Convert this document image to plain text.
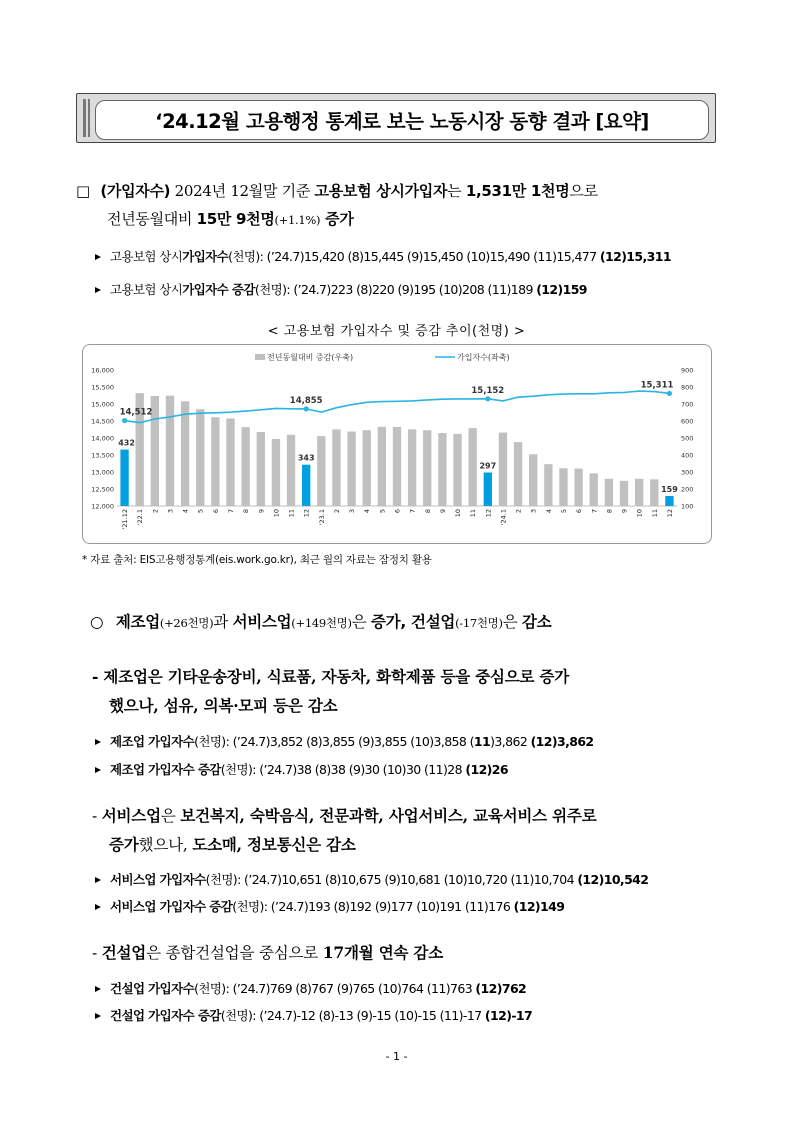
‘24.12월 고용행정 통계로 보는 노동시장 동향 결과 [요약]
□ (가입자수) 2024년 12월말 기준 고용보험 상시가입자는 1,531만 1천명으로
전년동월대비 15만 9천명(+1.1%) 증가
고용보험 상시가입자수(천명): (’24.7)15,420 (8)15,445 (9)15,450 (10)15,490 (11)15,477 (12)15,311
고용보험 상시가입자수 증감(천명): (’24.7)223 (8)220 (9)195 (10)208 (11)189 (12)159
< 고용보험 가입자수 및 증감 추이(천명) >
12,000
12,500
13,000
13,500
14,000
14,500
15,000
15,500
16,000
100
200
300
400
500
600
700
800
900
전년동월대비 증감(우축)	가입자수(좌축)
432
'21.12 '22.1 2 3 4 5 6 7 8 9 10 11
343
12 '23.1 2 3 4 5 6 7 8 9 10 11
297
12 '24.1 2 3 4 5 6 7 8 9 10 11
159
12
14,512
14,855
15,152
15,311
* 자료 출처: EIS고용행정통계(eis.work.go.kr), 최근 월의 자료는 잠정치 활용
○ 제조업(+26천명)과 서비스업(+149천명)은 증가, 건설업(-17천명)은 감소
- 제조업은 기타운송장비, 식료품, 자동차, 화학제품 등을 중심으로 증가
했으나, 섬유, 의복·모피 등은 감소
제조업 가입자수(천명): (’24.7)3,852 (8)3,855 (9)3,855 (10)3,858 (11)3,862 (12)3,862
제조업 가입자수 증감(천명): (’24.7)38 (8)38 (9)30 (10)30 (11)28 (12)26
- 서비스업은 보건복지, 숙박음식, 전문과학, 사업서비스, 교육서비스 위주로
증가했으나, 도소매, 정보통신은 감소
서비스업 가입자수(천명): (’24.7)10,651 (8)10,675 (9)10,681 (10)10,720 (11)10,704 (12)10,542
서비스업 가입자수 증감(천명): (’24.7)193 (8)192 (9)177 (10)191 (11)176 (12)149
- 건설업은 종합건설업을 중심으로 17개월 연속 감소
건설업 가입자수(천명): (’24.7)769 (8)767 (9)765 (10)764 (11)763 (12)762
건설업 가입자수 증감(천명): (’24.7)-12 (8)-13 (9)-15 (10)-15 (11)-17 (12)-17
- 1 -
